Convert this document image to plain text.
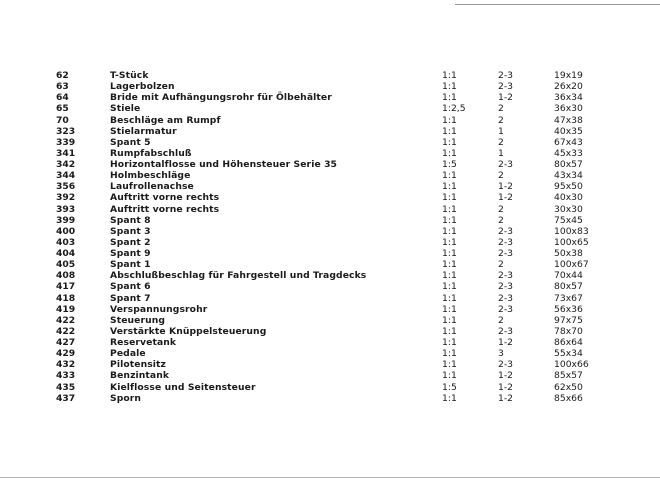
62	T-Stück	1:1	2-3	19x19
63	Lagerbolzen	1:1	2-3	26x20
64	Bride mit Aufhängungsrohr für Ölbehälter	1:1	1-2	36x34
65	Stiele	1:2,5	2	36x30
70	Beschläge am Rumpf	1:1	2	47x38
323	Stielarmatur	1:1	1	40x35
339	Spant 5	1:1	2	67x43
341	Rumpfabschluß	1:1	1	45x33
342	Horizontalflosse und Höhensteuer Serie 35	1:5	2-3	80x57
344	Holmbeschläge	1:1	2	43x34
356	Laufrollenachse	1:1	1-2	95x50
392	Auftritt vorne rechts	1:1	1-2	40x30
393	Auftritt vorne rechts	1:1	2	30x30
399	Spant 8	1:1	2	75x45
400	Spant 3	1:1	2-3	100x83
403	Spant 2	1:1	2-3	100x65
404	Spant 9	1:1	2-3	50x38
405	Spant 1	1:1	2	100x67
408	Abschlußbeschlag für Fahrgestell und Tragdecks	1:1	2-3	70x44
417	Spant 6	1:1	2-3	80x57
418	Spant 7	1:1	2-3	73x67
419	Verspannungsrohr	1:1	2-3	56x36
422	Steuerung	1:1	2	97x75
422	Verstärkte Knüppelsteuerung	1:1	2-3	78x70
427	Reservetank	1:1	1-2	86x64
429	Pedale	1:1	3	55x34
432	Pilotensitz	1:1	2-3	100x66
433	Benzintank	1:1	1-2	85x57
435	Kielflosse und Seitensteuer	1:5	1-2	62x50
437	Sporn	1:1	1-2	85x66
